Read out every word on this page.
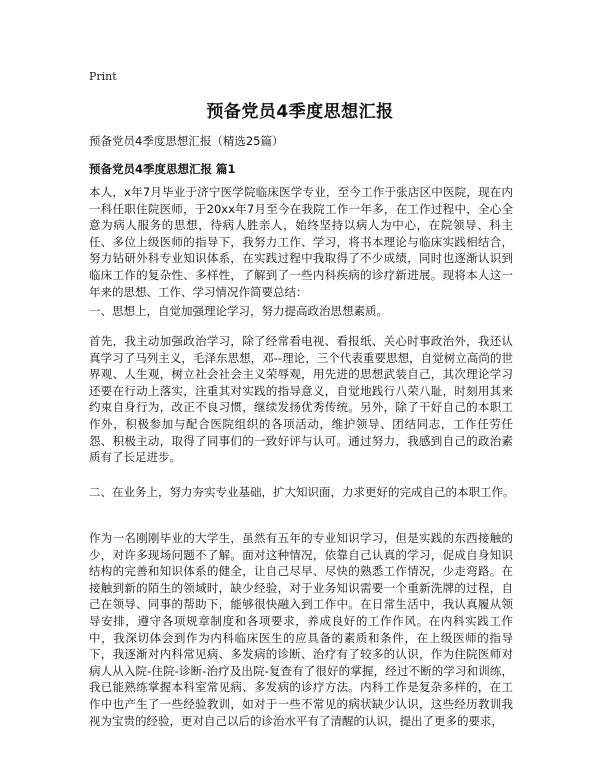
Print
预备党员4季度思想汇报
预备党员4季度思想汇报（精选25篇）
预备党员4季度思想汇报 篇1
本人，x年7月毕业于济宁医学院临床医学专业，至今工作于张店区中医院，现在内一科任职住院医师，于20xx年7月至今在我院工作一年多，在工作过程中，全心全意为病人服务的思想，待病人胜亲人，始终坚持以病人为中心，在院领导、科主任、多位上级医师的指导下，我努力工作、学习，将书本理论与临床实践相结合，努力钻研外科专业知识体系，在实践过程中我取得了不少成绩，同时也逐渐认识到临床工作的复杂性、多样性，了解到了一些内科疾病的诊疗新进展。现将本人这一年来的思想、工作、学习情况作简要总结：
一、思想上，自觉加强理论学习，努力提高政治思想素质。
首先，我主动加强政治学习，除了经常看电视、看报纸、关心时事政治外，我还认真学习了马列主义，毛泽东思想，邓--理论，三个代表重要思想，自觉树立高尚的世界观、人生观，树立社会社会主义荣辱观，用先进的思想武装自己，其次理论学习还要在行动上落实，注重其对实践的指导意义，自觉地践行八荣八耻，时刻用其来约束自身行为，改正不良习惯，继续发扬优秀传统。另外，除了干好自己的本职工作外，积极参加与配合医院组织的各项活动，维护领导、团结同志，工作任劳任怨、积极主动，取得了同事们的一致好评与认可。通过努力，我感到自己的政治素质有了长足进步。
二、在业务上，努力夯实专业基础，扩大知识面，力求更好的完成自己的本职工作。
作为一名刚刚毕业的大学生，虽然有五年的专业知识学习，但是实践的东西接触的少，对许多现场问题不了解。面对这种情况，依靠自己认真的学习，促成自身知识结构的完善和知识体系的健全，让自己尽早、尽快的熟悉工作情况，少走弯路。在接触到新的陌生的领域时，缺少经验，对于业务知识需要一个重新洗牌的过程，自己在领导、同事的帮助下，能够很快融入到工作中。在日常生活中，我认真履从领导安排，遵守各项规章制度和各项要求，养成良好的工作作风。在内科实践工作中，我深切体会到作为内科临床医生的应具备的素质和条件，在上级医师的指导下，我逐渐对内科常见病、多发病的诊断、治疗有了较多的认识，作为住院医师对病人从入院-住院-诊断-治疗及出院-复查有了很好的掌握，经过不断的学习和训练，我已能熟练掌握本科室常见病、多发病的诊疗方法。内科工作是复杂多样的，在工作中也产生了一些经验教训，如对于一些不常见的病状缺少认识，这些经历教训我视为宝贵的经验，更对自己以后的诊治水平有了清醒的认识，提出了更多的要求，
